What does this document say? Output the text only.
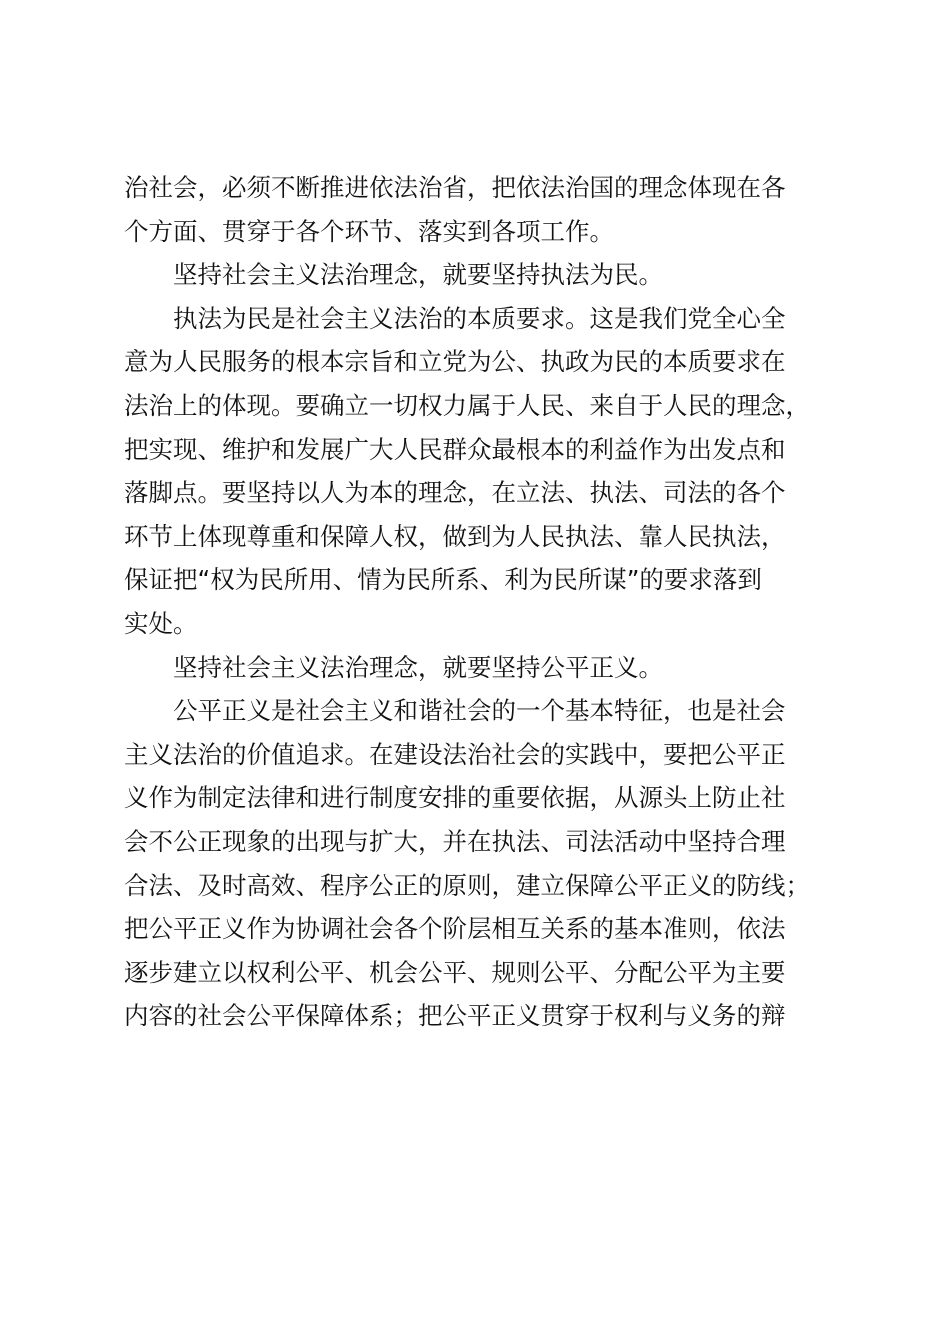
治社会，必须不断推进依法治省，把依法治国的理念体现在各
个方面、贯穿于各个环节、落实到各项工作。
坚持社会主义法治理念，就要坚持执法为民。
执法为民是社会主义法治的本质要求。这是我们党全心全
意为人民服务的根本宗旨和立党为公、执政为民的本质要求在
法治上的体现。要确立一切权力属于人民、来自于人民的理念，
把实现、维护和发展广大人民群众最根本的利益作为出发点和
落脚点。要坚持以人为本的理念，在立法、执法、司法的各个
环节上体现尊重和保障人权，做到为人民执法、靠人民执法，
保证把“权为民所用、情为民所系、利为民所谋”的要求落到
实处。
坚持社会主义法治理念，就要坚持公平正义。
公平正义是社会主义和谐社会的一个基本特征，也是社会
主义法治的价值追求。在建设法治社会的实践中，要把公平正
义作为制定法律和进行制度安排的重要依据，从源头上防止社
会不公正现象的出现与扩大，并在执法、司法活动中坚持合理
合法、及时高效、程序公正的原则，建立保障公平正义的防线；
把公平正义作为协调社会各个阶层相互关系的基本准则，依法
逐步建立以权利公平、机会公平、规则公平、分配公平为主要
内容的社会公平保障体系；把公平正义贯穿于权利与义务的辩
